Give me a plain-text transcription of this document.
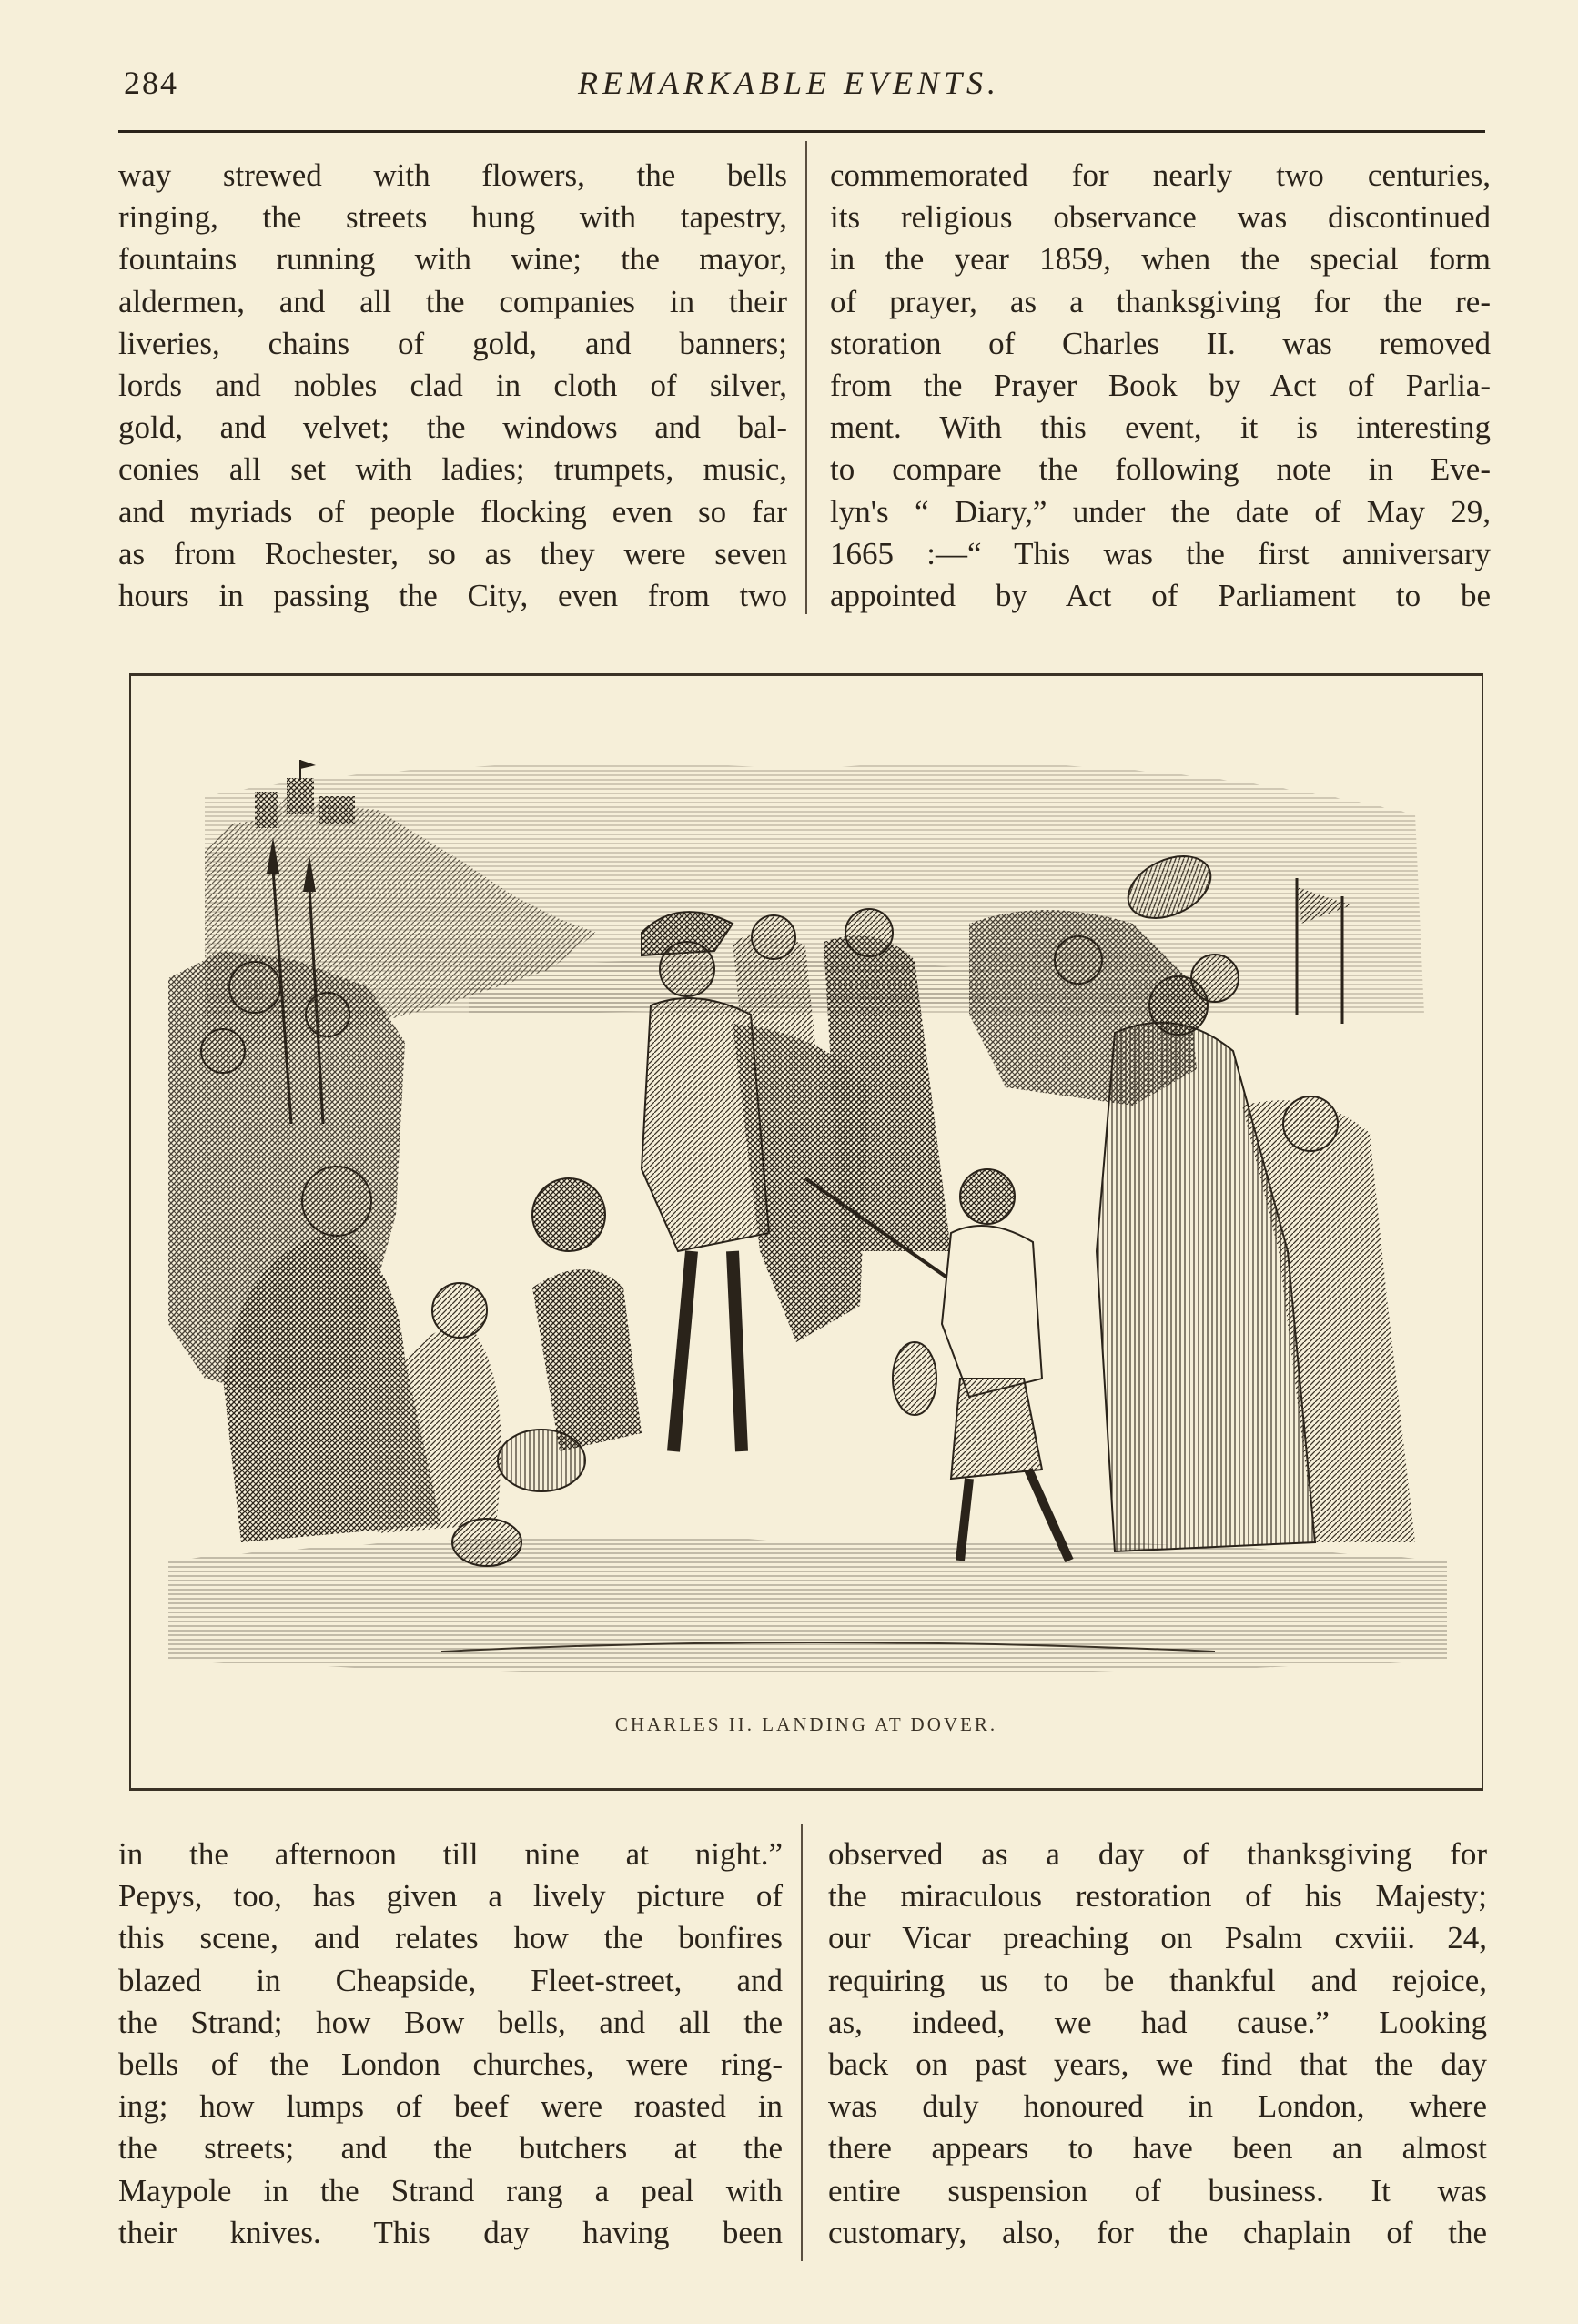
284	REMARKABLE EVENTS.
way strewed with flowers, the bells
ringing, the streets hung with tapestry,
fountains running with wine; the mayor,
aldermen, and all the companies in their
liveries, chains of gold, and banners;
lords and nobles clad in cloth of silver,
gold, and velvet; the windows and bal-
conies all set with ladies; trumpets, music,
and myriads of people flocking even so far
as from Rochester, so as they were seven
hours in passing the City, even from two
commemorated for nearly two centuries,
its religious observance was discontinued
in the year 1859, when the special form
of prayer, as a thanksgiving for the re-
storation of Charles II. was removed
from the Prayer Book by Act of Parlia-
ment. With this event, it is interesting
to compare the following note in Eve-
lyn's “ Diary,” under the date of May 29,
1665 :—“ This was the first anniversary
appointed by Act of Parliament to be
CHARLES II. LANDING AT DOVER.
in the afternoon till nine at night.”
Pepys, too, has given a lively picture of
this scene, and relates how the bonfires
blazed in Cheapside, Fleet-street, and
the Strand; how Bow bells, and all the
bells of the London churches, were ring-
ing; how lumps of beef were roasted in
the streets; and the butchers at the
Maypole in the Strand rang a peal with
their knives. This day having been
observed as a day of thanksgiving for
the miraculous restoration of his Majesty;
our Vicar preaching on Psalm cxviii. 24,
requiring us to be thankful and rejoice,
as, indeed, we had cause.” Looking
back on past years, we find that the day
was duly honoured in London, where
there appears to have been an almost
entire suspension of business. It was
customary, also, for the chaplain of the
